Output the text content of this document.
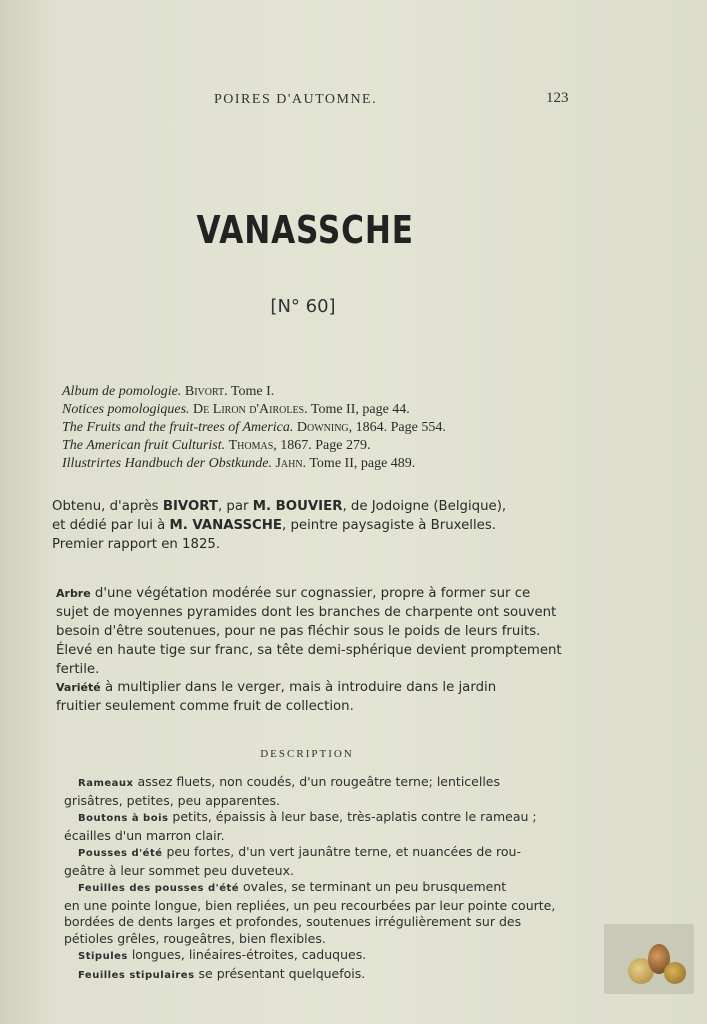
POIRES D'AUTOMNE.	123
VANASSCHE
[N° 60]
Album de pomologie. Bivort. Tome I.
Notices pomologiques. De Liron d'Airoles. Tome II, page 44.
The Fruits and the fruit-trees of America. Downing, 1864. Page 554.
The American fruit Culturist. Thomas, 1867. Page 279.
Illustrirtes Handbuch der Obstkunde. Jahn. Tome II, page 489.
Obtenu, d'après BIVORT, par M. BOUVIER, de Jodoigne (Belgique),
et dédié par lui à M. VANASSCHE, peintre paysagiste à Bruxelles.
Premier rapport en 1825.
Arbre d'une végétation modérée sur cognassier, propre à former sur ce
sujet de moyennes pyramides dont les branches de charpente ont souvent
besoin d'être soutenues, pour ne pas fléchir sous le poids de leurs fruits.
Élevé en haute tige sur franc, sa tête demi-sphérique devient promptement
fertile.
Variété à multiplier dans le verger, mais à introduire dans le jardin
fruitier seulement comme fruit de collection.
DESCRIPTION
Rameaux assez fluets, non coudés, d'un rougeâtre terne; lenticelles
grisâtres, petites, peu apparentes.
Boutons à bois petits, épaissis à leur base, très-aplatis contre le rameau ;
écailles d'un marron clair.
Pousses d'été peu fortes, d'un vert jaunâtre terne, et nuancées de rou-
geâtre à leur sommet peu duveteux.
Feuilles des pousses d'été ovales, se terminant un peu brusquement
en une pointe longue, bien repliées, un peu recourbées par leur pointe courte,
bordées de dents larges et profondes, soutenues irrégulièrement sur des
pétioles grêles, rougeâtres, bien flexibles.
Stipules longues, linéaires-étroites, caduques.
Feuilles stipulaires se présentant quelquefois.
